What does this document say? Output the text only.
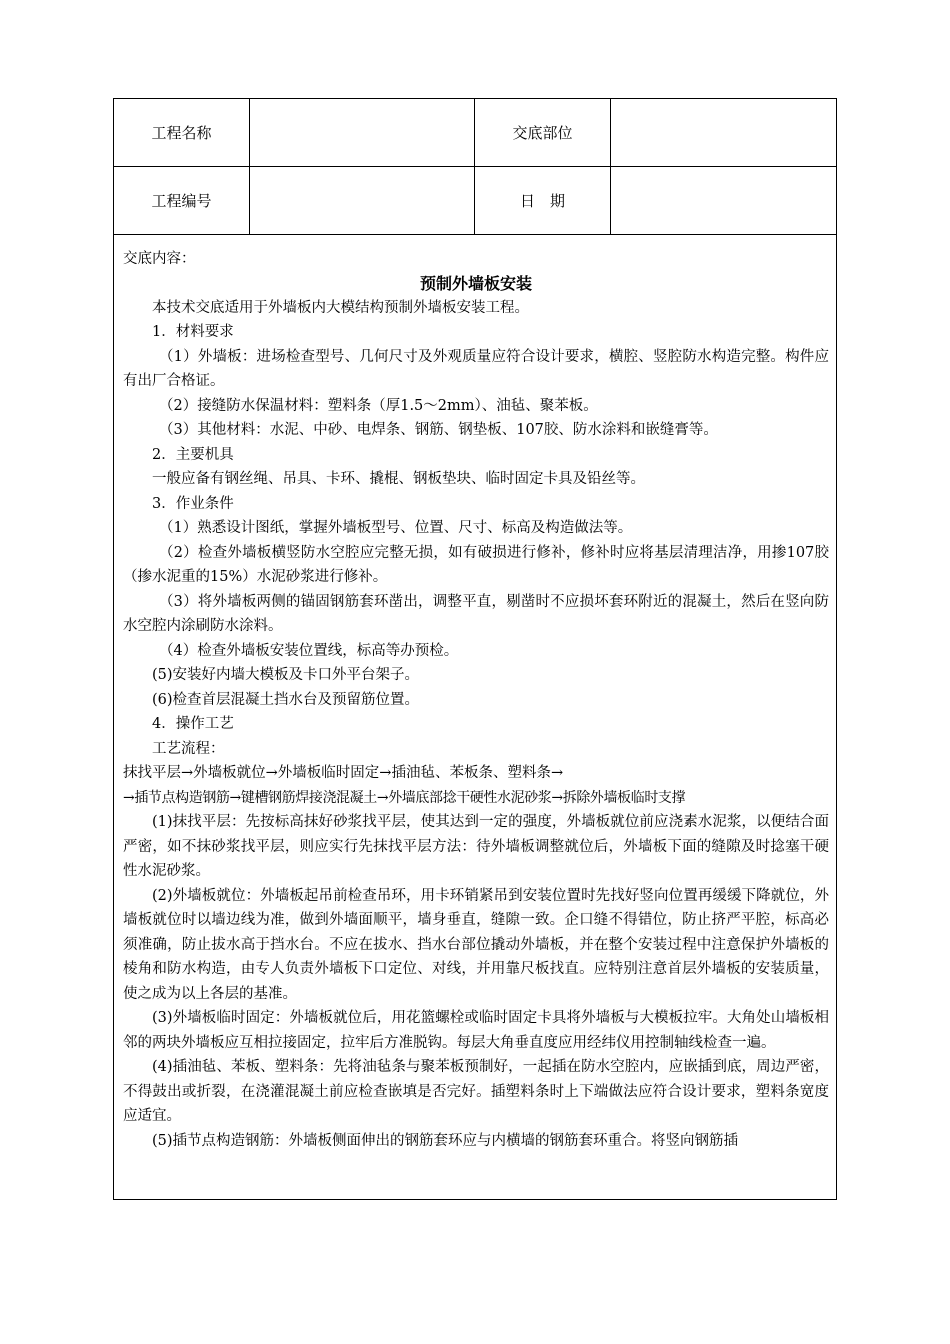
工程名称	交底部位
工程编号	日　期

交底内容：

预制外墙板安装

本技术交底适用于外墙板内大模结构预制外墙板安装工程。

1．材料要求

（1）外墙板：进场检查型号、几何尺寸及外观质量应符合设计要求，横腔、竖腔防水构造完整。构件应有出厂合格证。

（2）接缝防水保温材料：塑料条（厚1.5～2mm）、油毡、聚苯板。

（3）其他材料：水泥、中砂、电焊条、钢筋、钢垫板、107胶、防水涂料和嵌缝膏等。

2．主要机具

一般应备有钢丝绳、吊具、卡环、撬棍、钢板垫块、临时固定卡具及铅丝等。

3．作业条件

（1）熟悉设计图纸，掌握外墙板型号、位置、尺寸、标高及构造做法等。

（2）检查外墙板横竖防水空腔应完整无损，如有破损进行修补，修补时应将基层清理洁净，用掺107胶（掺水泥重的15%）水泥砂浆进行修补。

（3）将外墙板两侧的锚固钢筋套环凿出，调整平直，剔凿时不应损坏套环附近的混凝土，然后在竖向防水空腔内涂刷防水涂料。

（4）检查外墙板安装位置线，标高等办预检。

(5)安装好内墙大模板及卡口外平台架子。

(6)检查首层混凝土挡水台及预留筋位置。

4．操作工艺

工艺流程：

抹找平层→外墙板就位→外墙板临时固定→插油毡、苯板条、塑料条→

→插节点构造钢筋→键槽钢筋焊接浇混凝土→外墙底部捻干硬性水泥砂浆→拆除外墙板临时支撑

(1)抹找平层：先按标高抹好砂浆找平层，使其达到一定的强度，外墙板就位前应浇素水泥浆，以便结合面严密，如不抹砂浆找平层，则应实行先抹找平层方法：待外墙板调整就位后，外墙板下面的缝隙及时捻塞干硬性水泥砂浆。

(2)外墙板就位：外墙板起吊前检查吊环，用卡环销紧吊到安装位置时先找好竖向位置再缓缓下降就位，外墙板就位时以墙边线为准，做到外墙面顺平，墙身垂直，缝隙一致。企口缝不得错位，防止挤严平腔，标高必须准确，防止拔水高于挡水台。不应在拔水、挡水台部位撬动外墙板，并在整个安装过程中注意保护外墙板的棱角和防水构造，由专人负责外墙板下口定位、对线，并用靠尺板找直。应特别注意首层外墙板的安装质量，使之成为以上各层的基准。

(3)外墙板临时固定：外墙板就位后，用花篮螺栓或临时固定卡具将外墙板与大模板拉牢。大角处山墙板相邻的两块外墙板应互相拉接固定，拉牢后方准脱钩。每层大角垂直度应用经纬仪用控制轴线检查一遍。

(4)插油毡、苯板、塑料条：先将油毡条与聚苯板预制好，一起插在防水空腔内，应嵌插到底，周边严密，不得鼓出或折裂，在浇灌混凝土前应检查嵌填是否完好。插塑料条时上下端做法应符合设计要求，塑料条宽度应适宜。

(5)插节点构造钢筋：外墙板侧面伸出的钢筋套环应与内横墙的钢筋套环重合。将竖向钢筋插
